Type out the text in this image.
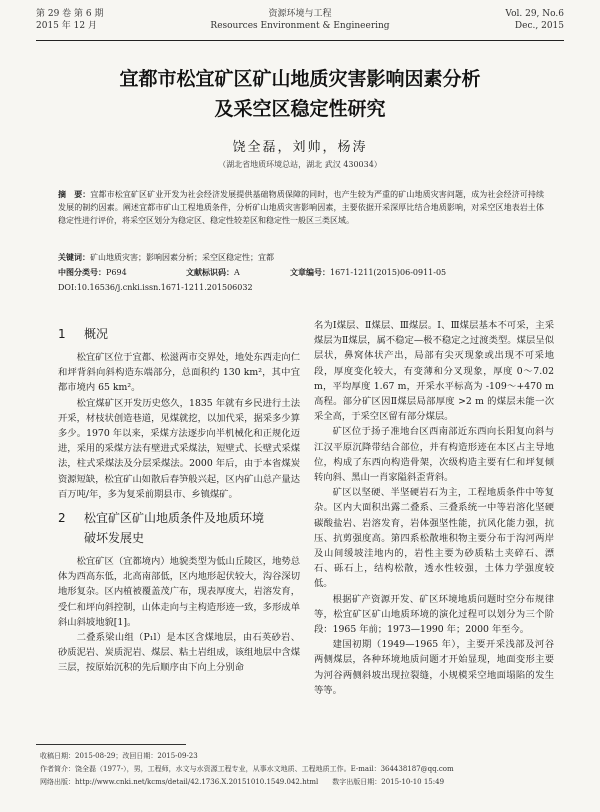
第 29 卷 第 6 期
2015 年 12 月
资源环境与工程
Resources Environment & Engineering
Vol. 29, No.6
Dec., 2015
宜都市松宜矿区矿山地质灾害影响因素分析
及采空区稳定性研究
饶全磊，刘帅，杨涛
（湖北省地质环境总站，湖北 武汉 430034）
摘　要：宜都市松宜矿区矿业开发为社会经济发展提供基础物质保障的同时，也产生较为严重的矿山地质灾害问题，成为社会经济可持续发展的制约因素。阐述宜都市矿山工程地质条件，分析矿山地质灾害影响因素，主要依据开采深厚比结合地质影响，对采空区地表岩土体稳定性进行评价，将采空区划分为稳定区、稳定性较差区和稳定性一般区三类区域。
关键词：矿山地质灾害；影响因素分析；采空区稳定性；宜都
中图分类号：P694	文献标识码：A	文章编号：1671-1211(2015)06-0911-05
DOI:10.16536/j.cnki.issn.1671-1211.201506032
1 概况

松宜矿区位于宜都、松滋两市交界处，地处东西走向仁和坪背斜向斜构造东端部分，总面积约 130 km²，其中宜都市境内 65 km²。

松宜煤矿区开发历史悠久，1835 年就有乡民进行土法开采，材枝状创造巷道，见煤就挖，以加代采，据采多少算多少。1970 年以来，采煤方法逐步向半机械化和正规化迈进，采用的采煤方法有壁进式采煤法，短壁式、长壁式采煤法，柱式采煤法及分层采煤法。2000 年后，由于本省煤炭资源短缺，松宜矿山如散后春笋般兴起，区内矿山总产量达百万吨/年，多为复采前期县市、乡镇煤矿。

2 松宜矿区矿山地质条件及地质环境
破坏发展史

松宜矿区（宜都境内）地貌类型为低山丘陵区，地势总体为西高东低，北高南部低，区内地形起伏较大，沟谷深切地形复杂。区内植被覆盖茂广布，现表厚度大，岩溶发育，受仁和坪向斜控制，山体走向与主构造形迹一致，多形成单斜山斜坡地貌[1]。

二叠系梁山组（P₁l）是本区含煤地层，由石英砂岩、砂质泥岩、炭质泥岩、煤层、粘土岩组成，该组地层中含煤三层，按原始沉积的先后顺序由下向上分别命

名为Ⅰ煤层、Ⅱ煤层、Ⅲ煤层。Ⅰ、Ⅲ煤层基本不可采，主采煤层为Ⅱ煤层，属不稳定—极不稳定之过渡类型。煤层呈似层状，鼻窝体状产出，局部有尖灭现象或出现不可采地段，厚度变化较大，有变薄和分叉现象，厚度 0～7.02 m，平均厚度 1.67 m，开采水平标高为 -109～+470 m 高程。部分矿区因Ⅱ煤层局部厚度 >2 m 的煤层未能一次采全高，于采空区留有部分煤层。

矿区位于扬子准地台区西南部近东西向长阳复向斜与江汉平原沉降带结合部位，并有构造形迹在本区占主导地位，构成了东西向构造骨架，次级构造主要有仁和坪复倾转向斜、黑山一肖家隘斜歪背斜。

矿区以坚硬、半坚硬岩石为主，工程地质条件中等复杂。区内大面积出露二叠系、三叠系统一中等岩溶化坚硬碳酸盐岩、岩溶发育，岩体强坚性能，抗风化能力强，抗压、抗剪强度高。第四系松散堆积物主要分布于沟河两岸及山间缓坡洼地内的，岩性主要为砂质粘土夹碎石、漂石、砾石上，结构松散，透水性较强，土体力学强度较低。

根据矿产资源开发、矿区环境地质问题时空分布规律等，松宜矿区矿山地质环境的演化过程可以划分为三个阶段：1965 年前；1973—1990 年；2000 年至今。

建国初期（1949—1965 年），主要开采浅部及河谷两侧煤层，各种环境地质问题才开始显现，地面变形主要为河谷两侧斜坡出现拉裂缝，小规模采空地面塌陷的发生等等。

收稿日期：2015-08-29；改回日期：2015-09-23

作者简介：饶全磊（1977-），男，工程师，水文与水资源工程专业，从事水文地质、工程地质工作。E-mail：364438187@qq.com

网络出版：http://www.cnki.net/kcms/detail/42.1736.X.20151010.1549.042.html　　数字出版日期：2015-10-10 15:49
